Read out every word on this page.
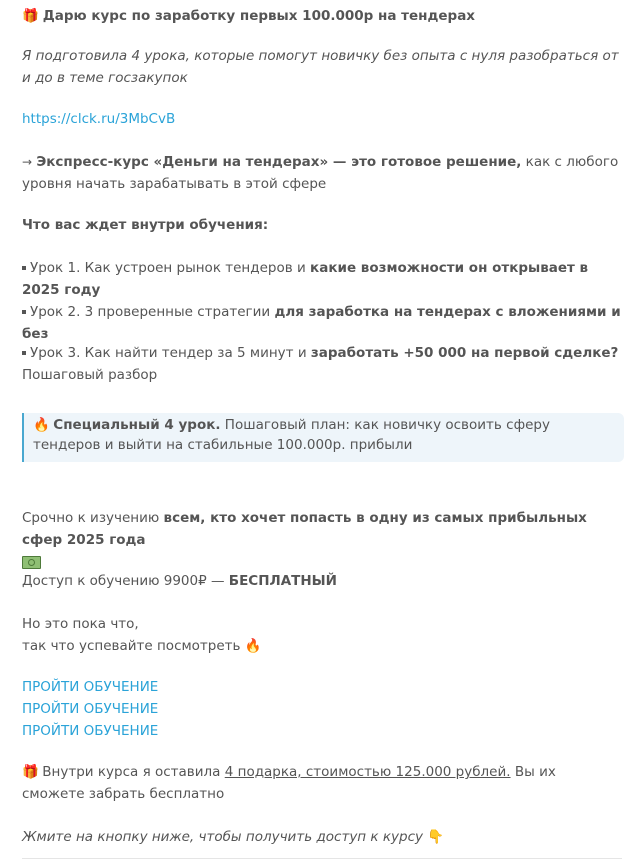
🎁 Дарю курс по заработку первых 100.000р на тендерах

Я подготовила 4 урока, которые помогут новичку без опыта с нуля разобраться от и до в теме госзакупок

https://clck.ru/3MbCvB

→ Экспресс-курс «Деньги на тендерах» — это готовое решение, как с любого уровня начать зарабатывать в этой сфере

Что вас ждет внутри обучения:

Урок 1. Как устроен рынок тендеров и какие возможности он открывает в 2025 году

Урок 2. 3 проверенные стратегии для заработка на тендерах с вложениями и без

Урок 3. Как найти тендер за 5 минут и заработать +50 000 на первой сделке?
Пошаговый разбор

🔥 Специальный 4 урок. Пошаговый план: как новичку освоить сферу тендеров и выйти на стабильные 100.000р. прибыли

Срочно к изучению всем, кто хочет попасть в одну из самых прибыльных сфер 2025 года

Доступ к обучению 9900₽ — БЕСПЛАТНЫЙ

Но это пока что,
так что успевайте посмотреть 🔥

ПРОЙТИ ОБУЧЕНИЕ
ПРОЙТИ ОБУЧЕНИЕ
ПРОЙТИ ОБУЧЕНИЕ

🎁 Внутри курса я оставила 4 подарка, стоимостью 125.000 рублей. Вы их сможете забрать бесплатно

Жмите на кнопку ниже, чтобы получить доступ к курсу 👇
